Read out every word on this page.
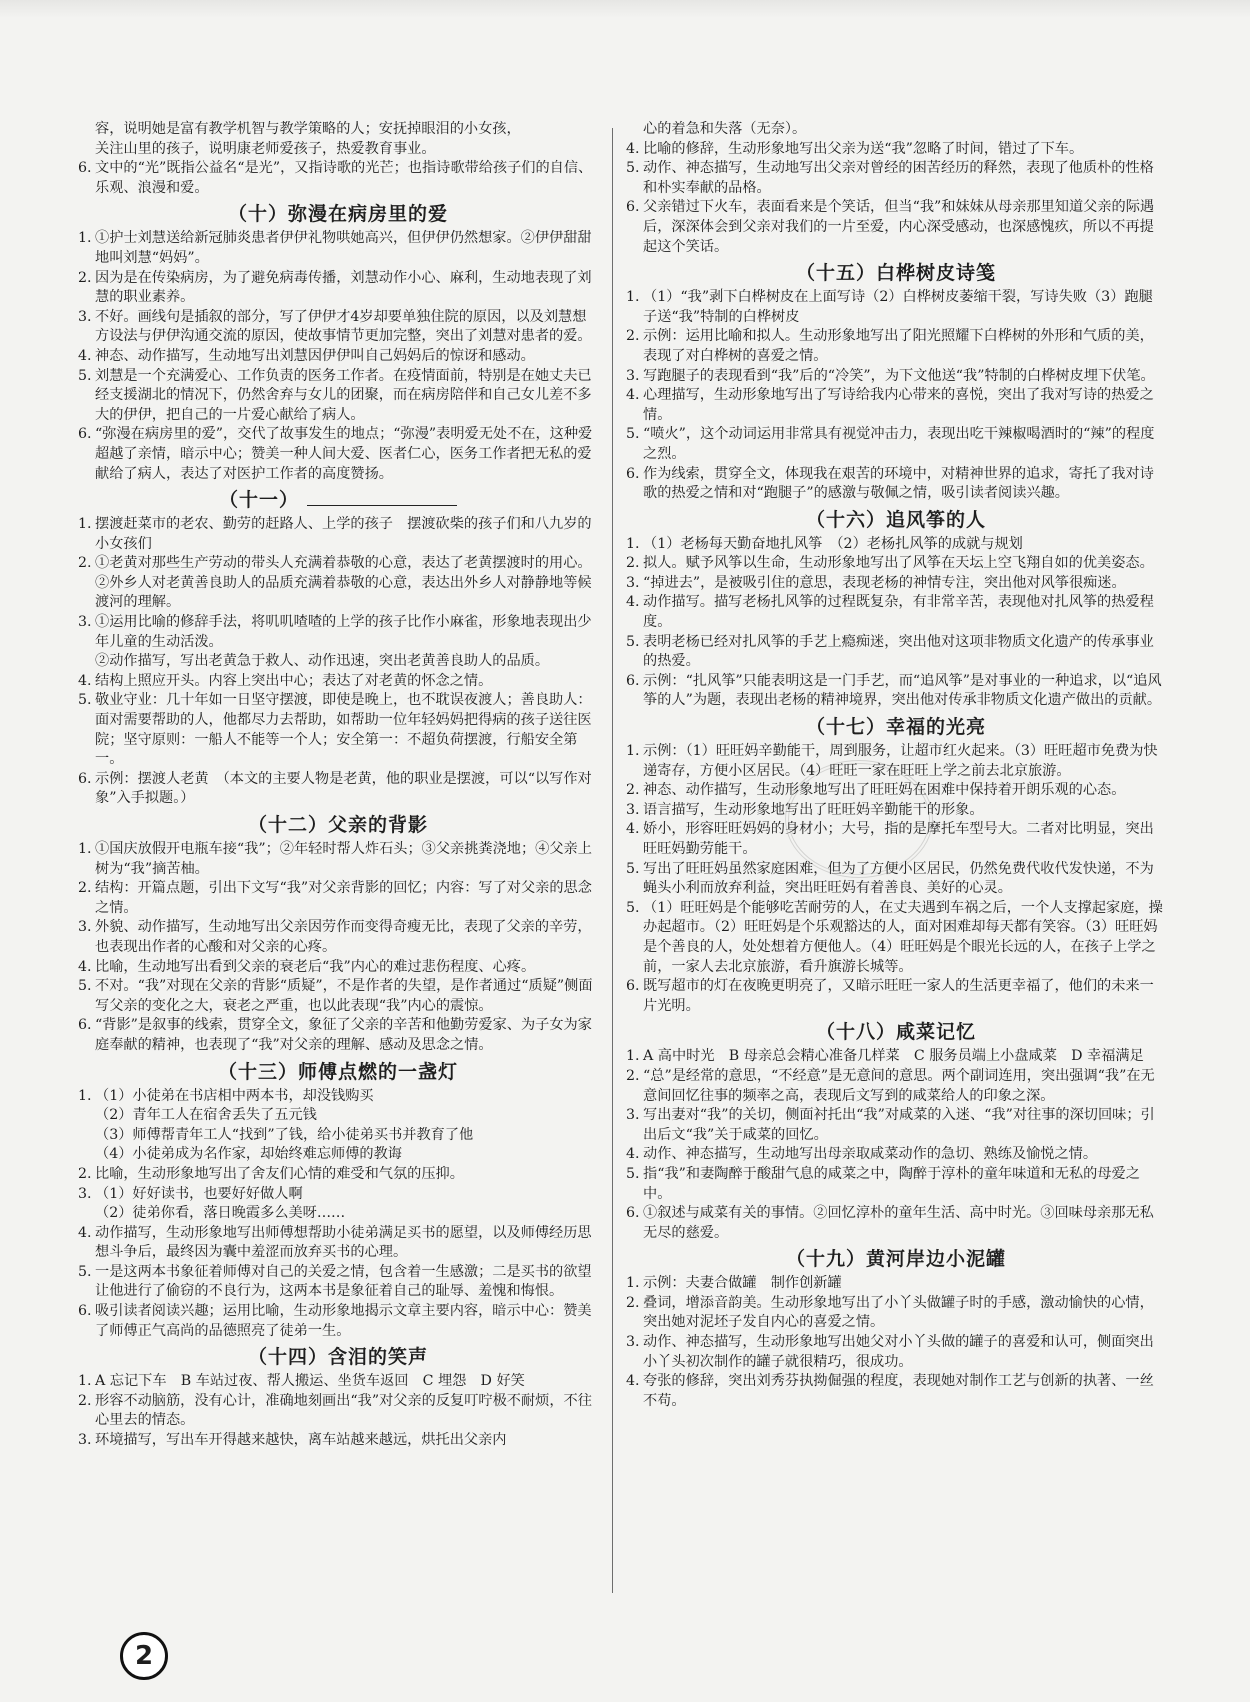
容，说明她是富有教学机智与教学策略的人；安抚掉眼泪的小女孩，

关注山里的孩子，说明康老师爱孩子，热爱教育事业。

6. 文中的“光”既指公益名“是光”，又指诗歌的光芒；也指诗歌带给孩子们的自信、乐观、浪漫和爱。

（十）弥漫在病房里的爱

1. ①护士刘慧送给新冠肺炎患者伊伊礼物哄她高兴，但伊伊仍然想家。②伊伊甜甜地叫刘慧“妈妈”。

2. 因为是在传染病房，为了避免病毒传播，刘慧动作小心、麻利，生动地表现了刘慧的职业素养。

3. 不好。画线句是插叙的部分，写了伊伊才4岁却要单独住院的原因，以及刘慧想方设法与伊伊沟通交流的原因，使故事情节更加完整，突出了刘慧对患者的爱。

4. 神态、动作描写，生动地写出刘慧因伊伊叫自己妈妈后的惊讶和感动。

5. 刘慧是一个充满爱心、工作负责的医务工作者。在疫情面前，特别是在她丈夫已经支援湖北的情况下，仍然舍弃与女儿的团聚，而在病房陪伴和自己女儿差不多大的伊伊，把自己的一片爱心献给了病人。

6. “弥漫在病房里的爱”，交代了故事发生的地点；“弥漫”表明爱无处不在，这种爱超越了亲情，暗示中心；赞美一种人间大爱、医者仁心，医务工作者把无私的爱献给了病人，表达了对医护工作者的高度赞扬。

（十一）

1. 摆渡赶菜市的老农、勤劳的赶路人、上学的孩子　摆渡砍柴的孩子们和八九岁的小女孩们

2. ①老黄对那些生产劳动的带头人充满着恭敬的心意，表达了老黄摆渡时的用心。②外乡人对老黄善良助人的品质充满着恭敬的心意，表达出外乡人对静静地等候渡河的理解。

3. ①运用比喻的修辞手法，将叽叽喳喳的上学的孩子比作小麻雀，形象地表现出少年儿童的生动活泼。

②动作描写，写出老黄急于救人、动作迅速，突出老黄善良助人的品质。

4. 结构上照应开头。内容上突出中心；表达了对老黄的怀念之情。

5. 敬业守业：几十年如一日坚守摆渡，即使是晚上，也不耽误夜渡人；善良助人：面对需要帮助的人，他都尽力去帮助，如帮助一位年轻妈妈把得病的孩子送往医院；坚守原则：一船人不能等一个人；安全第一：不超负荷摆渡，行船安全第一。

6. 示例：摆渡人老黄　（本文的主要人物是老黄，他的职业是摆渡，可以“以写作对象”入手拟题。）

（十二）父亲的背影

1. ①国庆放假开电瓶车接“我”；②年轻时帮人炸石头；③父亲挑粪浇地；④父亲上树为“我”摘苦柚。

2. 结构：开篇点题，引出下文写“我”对父亲背影的回忆；内容：写了对父亲的思念之情。

3. 外貌、动作描写，生动地写出父亲因劳作而变得奇瘦无比，表现了父亲的辛劳，也表现出作者的心酸和对父亲的心疼。

4. 比喻，生动地写出看到父亲的衰老后“我”内心的难过悲伤程度、心疼。

5. 不对。“我”对现在父亲的背影“质疑”，不是作者的失望，是作者通过“质疑”侧面写父亲的变化之大，衰老之严重，也以此表现“我”内心的震惊。

6. “背影”是叙事的线索，贯穿全文，象征了父亲的辛苦和他勤劳爱家、为子女为家庭奉献的精神，也表现了“我”对父亲的理解、感动及思念之情。

（十三）师傅点燃的一盏灯

1. （1）小徒弟在书店相中两本书，却没钱购买

（2）青年工人在宿舍丢失了五元钱

（3）师傅帮青年工人“找到”了钱，给小徒弟买书并教育了他

（4）小徒弟成为名作家，却始终难忘师傅的教诲

2. 比喻，生动形象地写出了舍友们心情的难受和气氛的压抑。

3. （1）好好读书，也要好好做人啊

（2）徒弟你看，落日晚霞多么美呀……

4. 动作描写，生动形象地写出师傅想帮助小徒弟满足买书的愿望，以及师傅经历思想斗争后，最终因为囊中羞涩而放弃买书的心理。

5. 一是这两本书象征着师傅对自己的关爱之情，包含着一生感激；二是买书的欲望让他进行了偷窃的不良行为，这两本书是象征着自己的耻辱、羞愧和悔恨。

6. 吸引读者阅读兴趣；运用比喻，生动形象地揭示文章主要内容，暗示中心：赞美了师傅正气高尚的品德照亮了徒弟一生。

（十四）含泪的笑声

1. A 忘记下车　B 车站过夜、帮人搬运、坐货车返回　C 埋怨　D 好笑

2. 形容不动脑筋，没有心计，准确地刻画出“我”对父亲的反复叮咛极不耐烦，不往心里去的情态。

3. 环境描写，写出车开得越来越快，离车站越来越远，烘托出父亲内

心的着急和失落（无奈）。

4. 比喻的修辞，生动形象地写出父亲为送“我”忽略了时间，错过了下车。

5. 动作、神态描写，生动地写出父亲对曾经的困苦经历的释然，表现了他质朴的性格和朴实奉献的品格。

6. 父亲错过下火车，表面看来是个笑话，但当“我”和妹妹从母亲那里知道父亲的际遇后，深深体会到父亲对我们的一片至爱，内心深受感动，也深感愧疚，所以不再提起这个笑话。

（十五）白桦树皮诗笺

1. （1）“我”剥下白桦树皮在上面写诗（2）白桦树皮萎缩干裂，写诗失败（3）跑腿子送“我”特制的白桦树皮

2. 示例：运用比喻和拟人。生动形象地写出了阳光照耀下白桦树的外形和气质的美，表现了对白桦树的喜爱之情。

3. 写跑腿子的表现看到“我”后的“冷笑”，为下文他送“我”特制的白桦树皮埋下伏笔。

4. 心理描写，生动形象地写出了写诗给我内心带来的喜悦，突出了我对写诗的热爱之情。

5. “喷火”，这个动词运用非常具有视觉冲击力，表现出吃干辣椒喝酒时的“辣”的程度之烈。

6. 作为线索，贯穿全文，体现我在艰苦的环境中，对精神世界的追求，寄托了我对诗歌的热爱之情和对“跑腿子”的感激与敬佩之情，吸引读者阅读兴趣。

（十六）追风筝的人

1. （1）老杨每天勤奋地扎风筝　（2）老杨扎风筝的成就与规划

2. 拟人。赋予风筝以生命，生动形象地写出了风筝在天坛上空飞翔自如的优美姿态。

3. “掉进去”，是被吸引住的意思，表现老杨的神情专注，突出他对风筝很痴迷。

4. 动作描写。描写老杨扎风筝的过程既复杂，有非常辛苦，表现他对扎风筝的热爱程度。

5. 表明老杨已经对扎风筝的手艺上瘾痴迷，突出他对这项非物质文化遗产的传承事业的热爱。

6. 示例：“扎风筝”只能表明这是一门手艺，而“追风筝”是对事业的一种追求，以“追风筝的人”为题，表现出老杨的精神境界，突出他对传承非物质文化遗产做出的贡献。

（十七）幸福的光亮

1. 示例：（1）旺旺妈辛勤能干，周到服务，让超市红火起来。（3）旺旺超市免费为快递寄存，方便小区居民。（4）旺旺一家在旺旺上学之前去北京旅游。

2. 神态、动作描写，生动形象地写出了旺旺妈在困难中保持着开朗乐观的心态。

3. 语言描写，生动形象地写出了旺旺妈辛勤能干的形象。

4. 娇小，形容旺旺妈妈的身材小；大号，指的是摩托车型号大。二者对比明显，突出旺旺妈勤劳能干。

5. 写出了旺旺妈虽然家庭困难，但为了方便小区居民，仍然免费代收代发快递，不为蝇头小利而放弃利益，突出旺旺妈有着善良、美好的心灵。

5. （1）旺旺妈是个能够吃苦耐劳的人，在丈夫遇到车祸之后，一个人支撑起家庭，操办起超市。（2）旺旺妈是个乐观豁达的人，面对困难却每天都有笑容。（3）旺旺妈是个善良的人，处处想着方便他人。（4）旺旺妈是个眼光长远的人，在孩子上学之前，一家人去北京旅游，看升旗游长城等。

6. 既写超市的灯在夜晚更明亮了，又暗示旺旺一家人的生活更幸福了，他们的未来一片光明。

（十八）咸菜记忆

1. A 高中时光　B 母亲总会精心准备几样菜　C 服务员端上小盘咸菜　D 幸福满足

2. “总”是经常的意思，“不经意”是无意间的意思。两个副词连用，突出强调“我”在无意间回忆往事的频率之高，表现后文写到的咸菜给人的印象之深。

3. 写出妻对“我”的关切，侧面衬托出“我”对咸菜的入迷、“我”对往事的深切回味；引出后文“我”关于咸菜的回忆。

4. 动作、神态描写，生动地写出母亲取咸菜动作的急切、熟练及愉悦之情。

5. 指“我”和妻陶醉于酸甜气息的咸菜之中，陶醉于淳朴的童年味道和无私的母爱之中。

6. ①叙述与咸菜有关的事情。②回忆淳朴的童年生活、高中时光。③回味母亲那无私无尽的慈爱。

（十九）黄河岸边小泥罐

1. 示例：夫妻合做罐　制作创新罐

2. 叠词，增添音韵美。生动形象地写出了小丫头做罐子时的手感，激动愉快的心情，突出她对泥坯子发自内心的喜爱之情。

3. 动作、神态描写，生动形象地写出她父对小丫头做的罐子的喜爱和认可，侧面突出小丫头初次制作的罐子就很精巧，很成功。

4. 夸张的修辞，突出刘秀芬执拗倔强的程度，表现她对制作工艺与创新的执著、一丝不苟。

2
